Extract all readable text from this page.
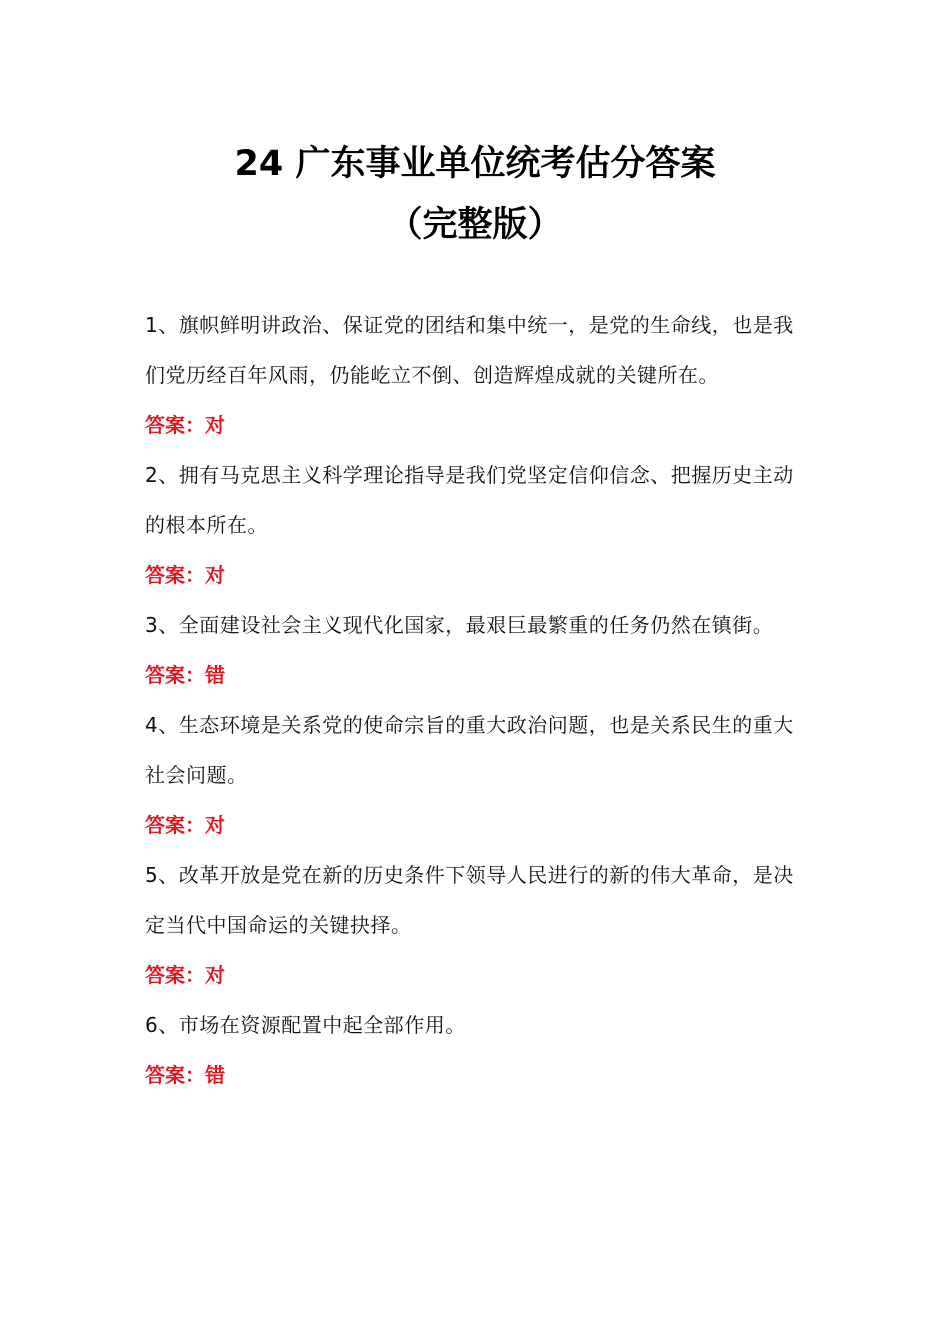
24 广东事业单位统考估分答案
（完整版）

1、旗帜鲜明讲政治、保证党的团结和集中统一，是党的生命线，也是我们党历经百年风雨，仍能屹立不倒、创造辉煌成就的关键所在。

答案：对

2、拥有马克思主义科学理论指导是我们党坚定信仰信念、把握历史主动的根本所在。

答案：对

3、全面建设社会主义现代化国家，最艰巨最繁重的任务仍然在镇街。

答案：错

4、生态环境是关系党的使命宗旨的重大政治问题，也是关系民生的重大社会问题。

答案：对

5、改革开放是党在新的历史条件下领导人民进行的新的伟大革命，是决定当代中国命运的关键抉择。

答案：对

6、市场在资源配置中起全部作用。

答案：错
